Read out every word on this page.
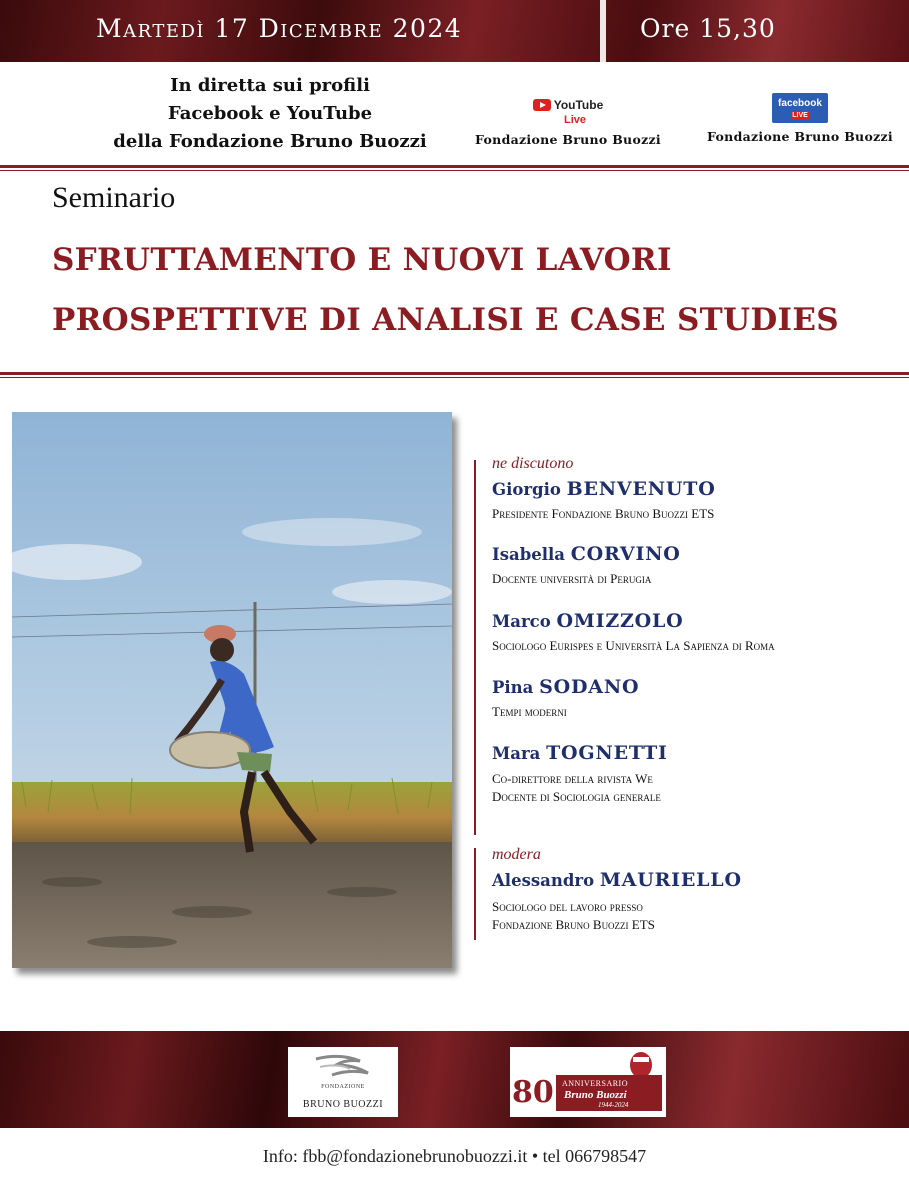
Martedì 17 Dicembre 2024	Ore 15,30
In diretta sui profili
Facebook e YouTube
della Fondazione Bruno Buozzi
YouTube
Live
Fondazione Bruno Buozzi
facebook
LIVE
Fondazione Bruno Buozzi
Seminario
SFRUTTAMENTO E NUOVI LAVORI
PROSPETTIVE DI ANALISI E CASE STUDIES
ne discutono
Giorgio BENVENUTO
Presidente Fondazione Bruno Buozzi ETS
Isabella CORVINO
Docente università di Perugia
Marco OMIZZOLO
Sociologo Eurispes e Università La Sapienza di Roma
Pina SODANO
Tempi moderni
Mara TOGNETTI
Co-direttore della rivista We
Docente di Sociologia generale
modera
Alessandro MAURIELLO
Sociologo del lavoro presso
Fondazione Bruno Buozzi ETS
FONDAZIONE
BRUNO BUOZZI	80 ANNIVERSARIO
Bruno Buozzi
1944-2024
Info: fbb@fondazionebrunobuozzi.it • tel 066798547
